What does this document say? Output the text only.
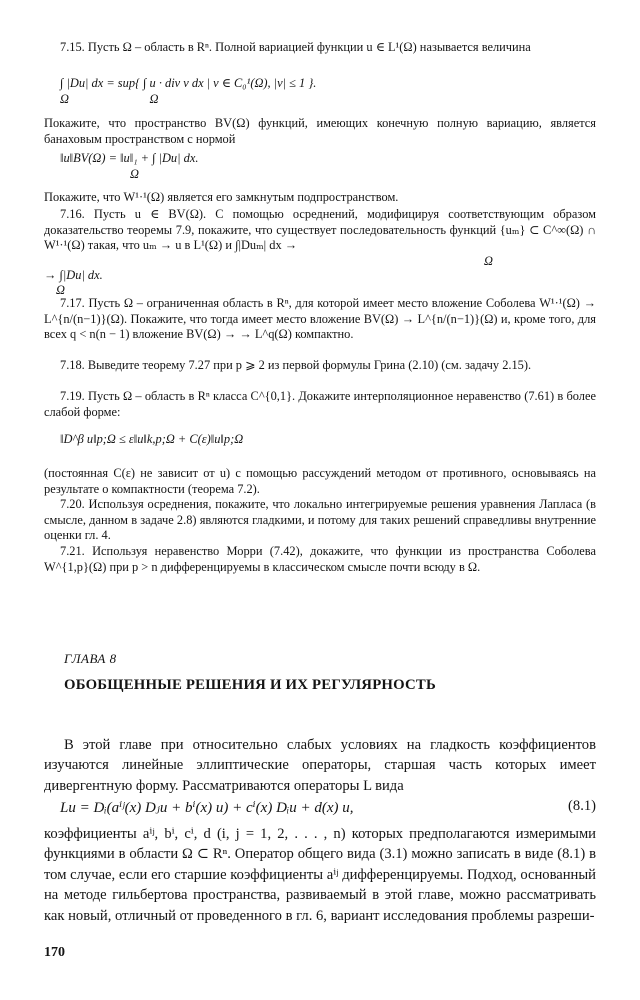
7.15. Пусть Ω – область в Rⁿ. Полной вариацией функции u ∈ L¹(Ω) называется величина
∫ |Du| dx = sup{ ∫ u · div v dx | v ∈ C₀¹(Ω), |v| ≤ 1 }.
Ω                          Ω
Покажите, что пространство BV(Ω) функций, имеющих конечную полную вариацию, является банаховым пространством с нормой
‖u‖BV(Ω) = ‖u‖₁ + ∫ |Du| dx.
Ω
Покажите, что W¹·¹(Ω) является его замкнутым подпространством.
7.16. Пусть u ∈ BV(Ω). С помощью осреднений, модифицируя соответствующим образом доказательство теоремы 7.9, покажите, что существует последовательность функций {uₘ} ⊂ C^∞(Ω) ∩ W¹·¹(Ω) такая, что uₘ → u в L¹(Ω) и ∫|Duₘ| dx →
Ω
→ ∫|Du| dx.
Ω
7.17. Пусть Ω – ограниченная область в Rⁿ, для которой имеет место вложение Соболева W¹·¹(Ω) → L^{n/(n−1)}(Ω). Покажите, что тогда имеет место вложение BV(Ω) → L^{n/(n−1)}(Ω) и, кроме того, для всех q < n(n − 1) вложение BV(Ω) → → L^q(Ω) компактно.
7.18. Выведите теорему 7.27 при p ⩾ 2 из первой формулы Грина (2.10) (см. задачу 2.15).
7.19. Пусть Ω – область в Rⁿ класса C^{0,1}. Докажите интерполяционное неравенство (7.61) в более слабой форме:
‖D^β u‖p;Ω ≤ ε‖u‖k,p;Ω + C(ε)‖u‖p;Ω
(постоянная C(ε) не зависит от u) с помощью рассуждений методом от противного, основываясь на результате о компактности (теорема 7.2).
7.20. Используя осреднения, покажите, что локально интегрируемые решения уравнения Лапласа (в смысле, данном в задаче 2.8) являются гладкими, и потому для таких решений справедливы внутренние оценки гл. 4.
7.21. Используя неравенство Морри (7.42), докажите, что функции из пространства Соболева W^{1,p}(Ω) при p > n дифференцируемы в классическом смысле почти всюду в Ω.
ГЛАВА 8
ОБОБЩЕННЫЕ РЕШЕНИЯ И ИХ РЕГУЛЯРНОСТЬ
В этой главе при относительно слабых условиях на гладкость коэффициентов изучаются линейные эллиптические операторы, старшая часть которых имеет дивергентную форму. Рассматриваются операторы L вида
Lu = Dᵢ(aⁱʲ(x) Dⱼu + bⁱ(x) u) + cⁱ(x) Dᵢu + d(x) u,	(8.1)
коэффициенты aⁱʲ, bⁱ, cⁱ, d (i, j = 1, 2, . . . , n) которых предполагаются измеримыми функциями в области Ω ⊂ Rⁿ. Оператор общего вида (3.1) можно записать в виде (8.1) в том случае, если его старшие коэффициенты aⁱʲ дифференцируемы. Подход, основанный на методе гильбертова пространства, развиваемый в этой главе, можно рассматривать как новый, отличный от проведенного в гл. 6, вариант исследования проблемы разреши-
170
